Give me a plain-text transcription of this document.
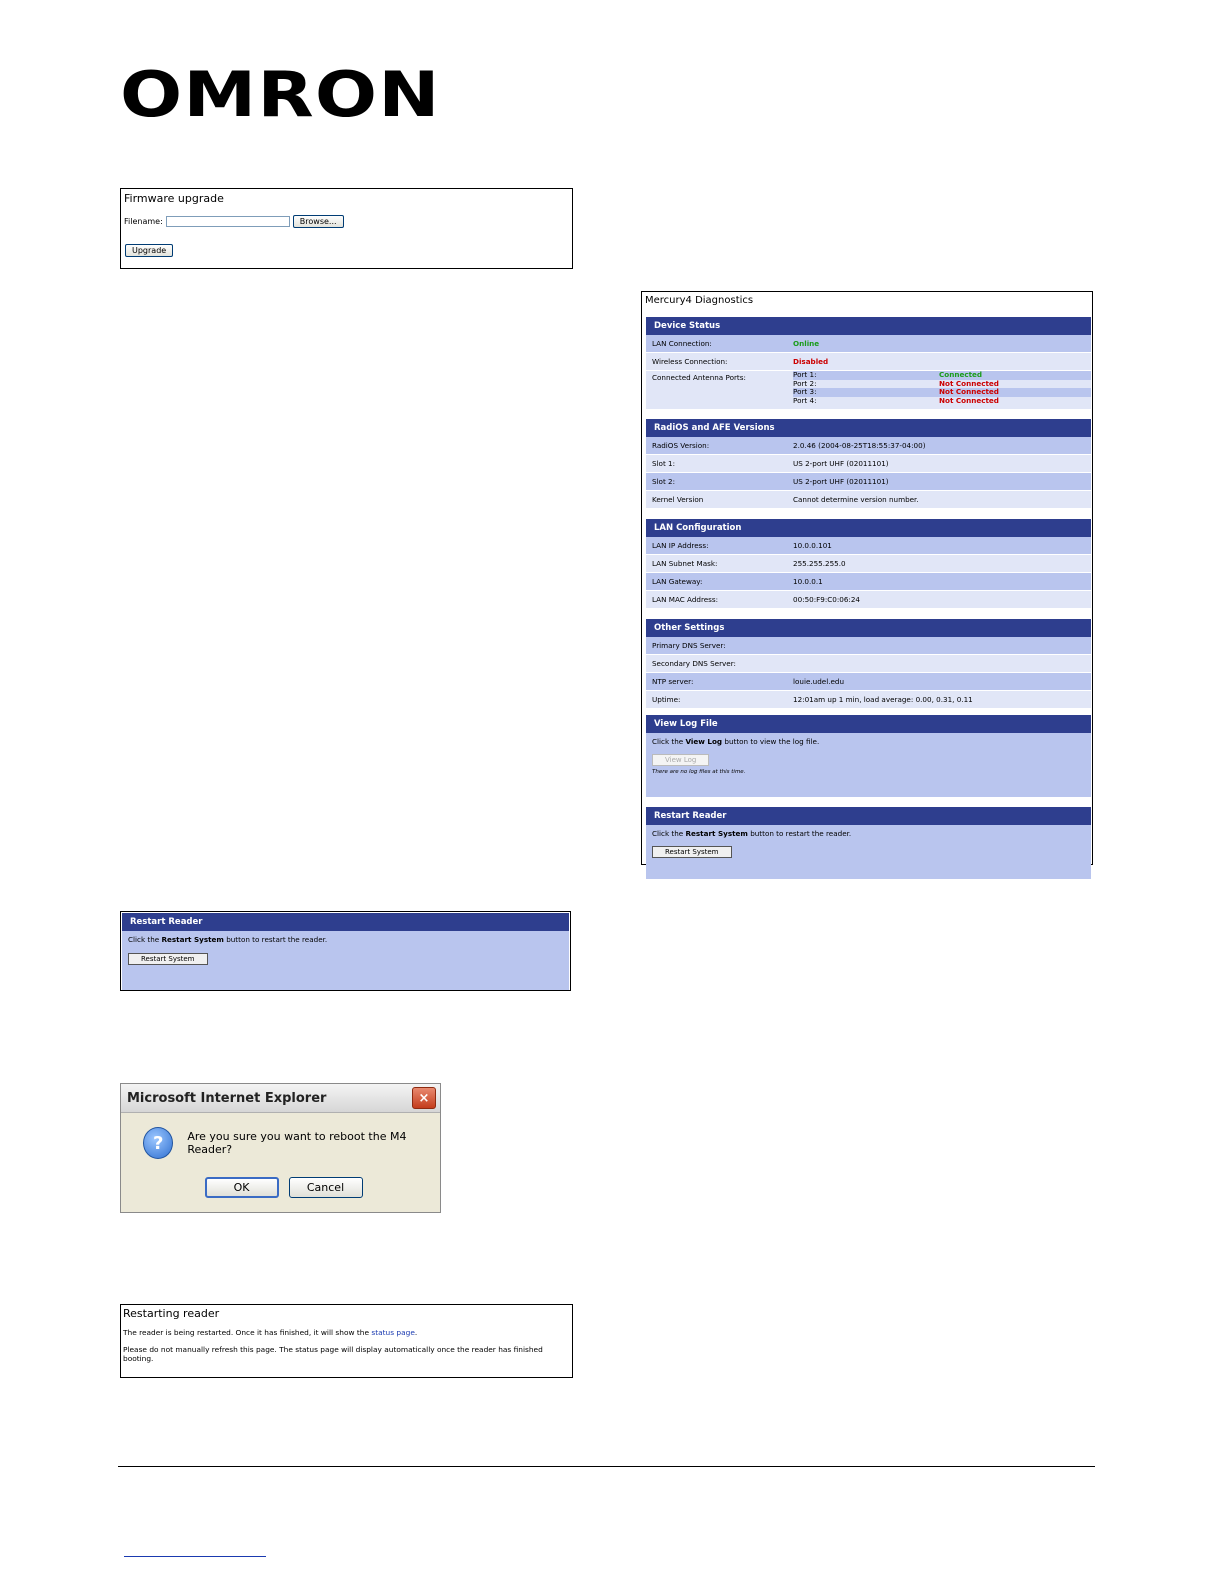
OMRON
Firmware upgrade
Filename:	Browse...
Upgrade
Mercury4 Diagnostics
Device Status
LAN Connection:	Online
Wireless Connection:	Disabled
Connected Antenna Ports:	Port 1:	Connected
Port 2:	Not Connected
Port 3:	Not Connected
Port 4:	Not Connected
RadiOS and AFE Versions
RadiOS Version:	2.0.46 (2004-08-25T18:55:37-04:00)
Slot 1:	US 2-port UHF (02011101)
Slot 2:	US 2-port UHF (02011101)
Kernel Version	Cannot determine version number.
LAN Configuration
LAN IP Address:	10.0.0.101
LAN Subnet Mask:	255.255.255.0
LAN Gateway:	10.0.0.1
LAN MAC Address:	00:50:F9:C0:06:24
Other Settings
Primary DNS Server:
Secondary DNS Server:
NTP server:	louie.udel.edu
Uptime:	12:01am up 1 min, load average: 0.00, 0.31, 0.11
View Log File
Click the View Log button to view the log file.
View Log
There are no log files at this time.
Restart Reader
Click the Restart System button to restart the reader.
Restart System
Restart Reader
Click the Restart System button to restart the reader.
Restart System
Microsoft Internet Explorer	×
?	Are you sure you want to reboot the M4 Reader?
OK	Cancel
Restarting reader
The reader is being restarted. Once it has finished, it will show the status page.
Please do not manually refresh this page. The status page will display automatically once the reader has finished booting.
